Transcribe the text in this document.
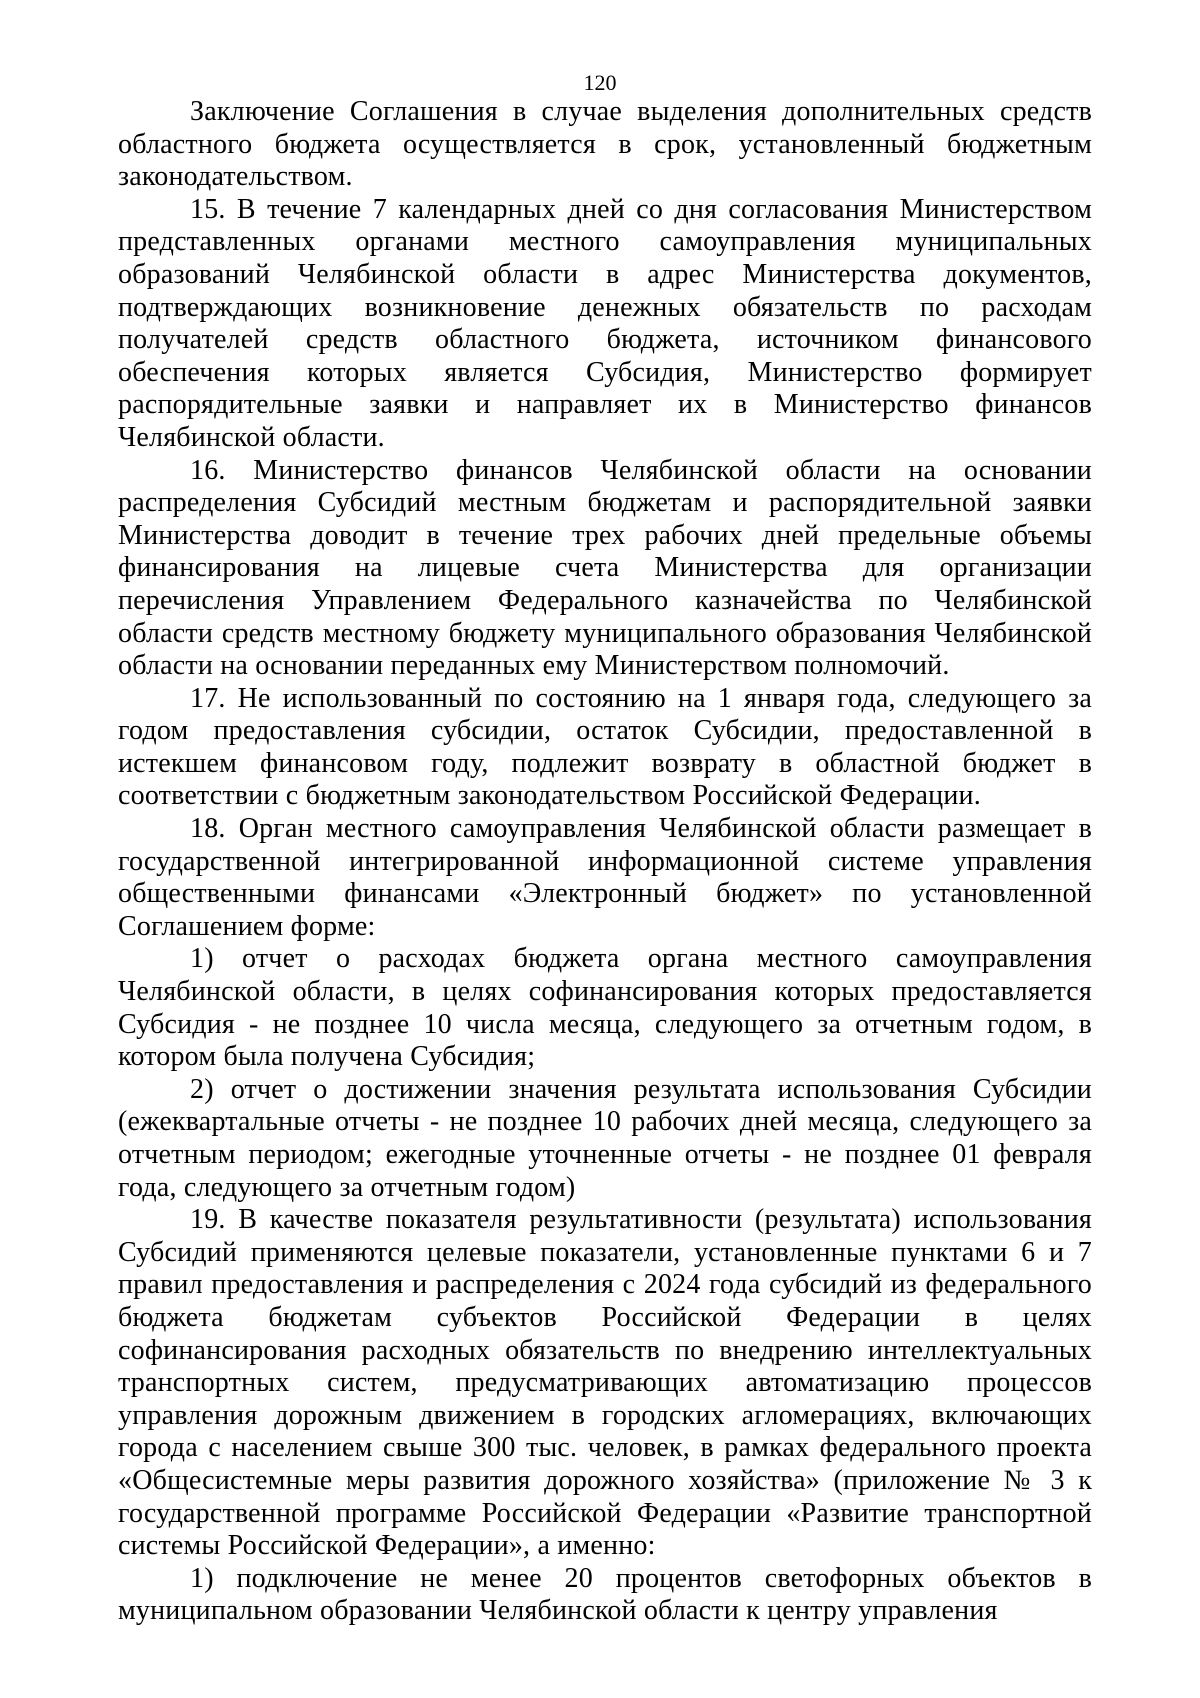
120

Заключение Соглашения в случае выделения дополнительных средств областного бюджета осуществляется в срок, установленный бюджетным законодательством.

15. В течение 7 календарных дней со дня согласования Министерством представленных органами местного самоуправления муниципальных образований Челябинской области в адрес Министерства документов, подтверждающих возникновение денежных обязательств по расходам получателей средств областного бюджета, источником финансового обеспечения которых является Субсидия, Министерство формирует распорядительные заявки и направляет их в Министерство финансов Челябинской области.

16. Министерство финансов Челябинской области на основании распределения Субсидий местным бюджетам и распорядительной заявки Министерства доводит в течение трех рабочих дней предельные объемы финансирования на лицевые счета Министерства для организации перечисления Управлением Федерального казначейства по Челябинской области средств местному бюджету муниципального образования Челябинской области на основании переданных ему Министерством полномочий.

17. Не использованный по состоянию на 1 января года, следующего за годом предоставления субсидии, остаток Субсидии, предоставленной в истекшем финансовом году, подлежит возврату в областной бюджет в соответствии с бюджетным законодательством Российской Федерации.

18. Орган местного самоуправления Челябинской области размещает в государственной интегрированной информационной системе управления общественными финансами «Электронный бюджет» по установленной Соглашением форме:

1) отчет о расходах бюджета органа местного самоуправления Челябинской области, в целях софинансирования которых предоставляется Субсидия - не позднее 10 числа месяца, следующего за отчетным годом, в котором была получена Субсидия;

2) отчет о достижении значения результата использования Субсидии (ежеквартальные отчеты - не позднее 10 рабочих дней месяца, следующего за отчетным периодом; ежегодные уточненные отчеты - не позднее 01 февраля года, следующего за отчетным годом)

19. В качестве показателя результативности (результата) использования Субсидий применяются целевые показатели, установленные пунктами 6 и 7 правил предоставления и распределения с 2024 года субсидий из федерального бюджета бюджетам субъектов Российской Федерации в целях софинансирования расходных обязательств по внедрению интеллектуальных транспортных систем, предусматривающих автоматизацию процессов управления дорожным движением в городских агломерациях, включающих города с населением свыше 300 тыс. человек, в рамках федерального проекта «Общесистемные меры развития дорожного хозяйства» (приложение № 3 к государственной программе Российской Федерации «Развитие транспортной системы Российской Федерации», а именно:

1) подключение не менее 20 процентов светофорных объектов в муниципальном образовании Челябинской области к центру управления
